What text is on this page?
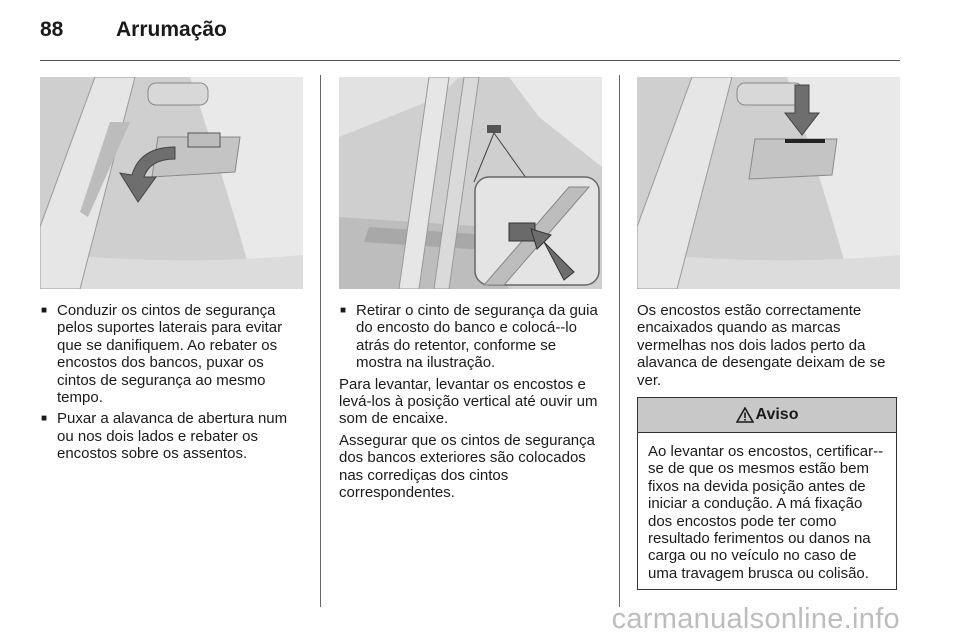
88	Arrumação
■ Conduzir os cintos de segurança pelos suportes laterais para evitar que se danifiquem. Ao rebater os encostos dos bancos, puxar os cintos de segurança ao mesmo tempo.
■ Puxar a alavanca de abertura num ou nos dois lados e rebater os encostos sobre os assentos.
■ Retirar o cinto de segurança da guia do encosto do banco e colocá--lo atrás do retentor, conforme se mostra na ilustração.

Para levantar, levantar os encostos e levá-los à posição vertical até ouvir um som de encaixe.

Assegurar que os cintos de segurança dos bancos exteriores são colocados nas corrediças dos cintos correspondentes.

Os encostos estão correctamente encaixados quando as marcas vermelhas nos dois lados perto da alavanca de desengate deixam de se ver.

Aviso
Ao levantar os encostos, certificar--se de que os mesmos estão bem fixos na devida posição antes de iniciar a condução. A má fixação dos encostos pode ter como resultado ferimentos ou danos na carga ou no veículo no caso de uma travagem brusca ou colisão.
carmanualsonline.info
